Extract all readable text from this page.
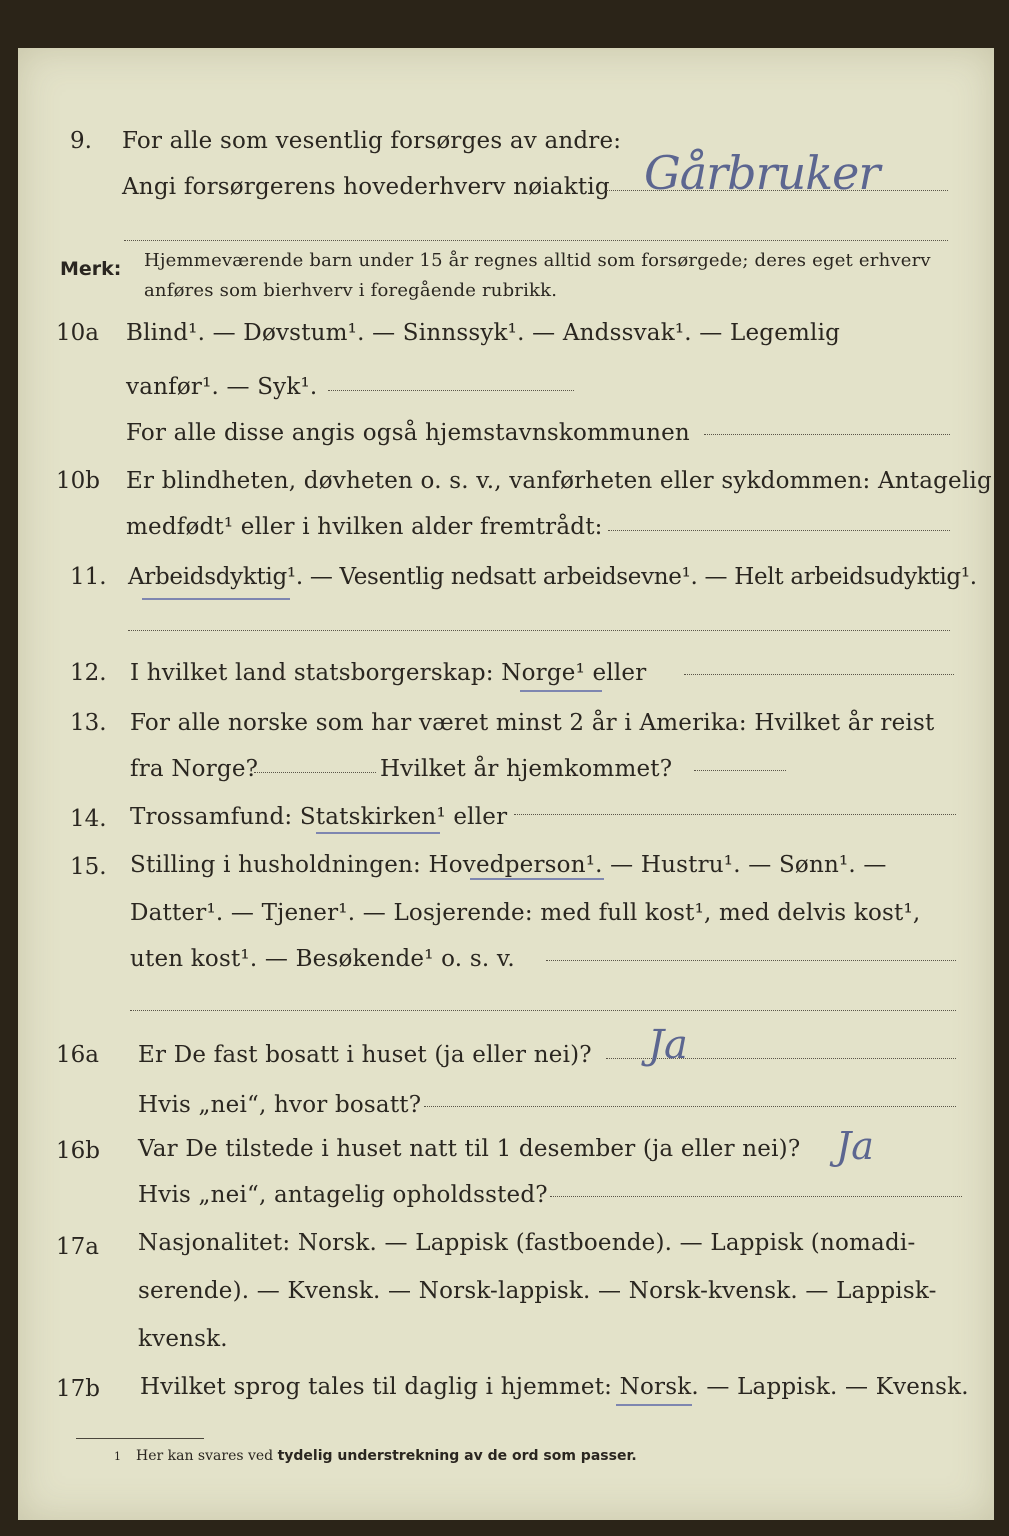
9. For alle som vesentlig forsørges av andre:
Angi forsørgerens hovederhverv nøiaktig Gårbruker
Merk: Hjemmeværende barn under 15 år regnes alltid som forsørgede; deres eget erhverv
anføres som bierhverv i foregående rubrikk.
10a Blind¹. — Døvstum¹. — Sinnssyk¹. — Andssvak¹. — Legemlig
vanfør¹. — Syk¹.
For alle disse angis også hjemstavnskommunen
10b Er blindheten, døvheten o. s. v., vanførheten eller sykdommen: Antagelig
medfødt¹ eller i hvilken alder fremtrådt:
11. Arbeidsdyktig¹. — Vesentlig nedsatt arbeidsevne¹. — Helt arbeidsudyktig¹.
12. I hvilket land statsborgerskap: Norge¹ eller
13. For alle norske som har været minst 2 år i Amerika: Hvilket år reist
fra Norge?	Hvilket år hjemkommet?
14. Trossamfund: Statskirken¹ eller
15. Stilling i husholdningen: Hovedperson¹. — Hustru¹. — Sønn¹. —
Datter¹. — Tjener¹. — Losjerende: med full kost¹, med delvis kost¹,
uten kost¹. — Besøkende¹ o. s. v.
16a Er De fast bosatt i huset (ja eller nei)? Ja
Hvis „nei“, hvor bosatt?
16b Var De tilstede i huset natt til 1 desember (ja eller nei)? Ja
Hvis „nei“, antagelig opholdssted?
17a Nasjonalitet: Norsk. — Lappisk (fastboende). — Lappisk (nomadi-
serende). — Kvensk. — Norsk-lappisk. — Norsk-kvensk. — Lappisk-
kvensk.
17b Hvilket sprog tales til daglig i hjemmet: Norsk. — Lappisk. — Kvensk.
1 Her kan svares ved tydelig understrekning av de ord som passer.
